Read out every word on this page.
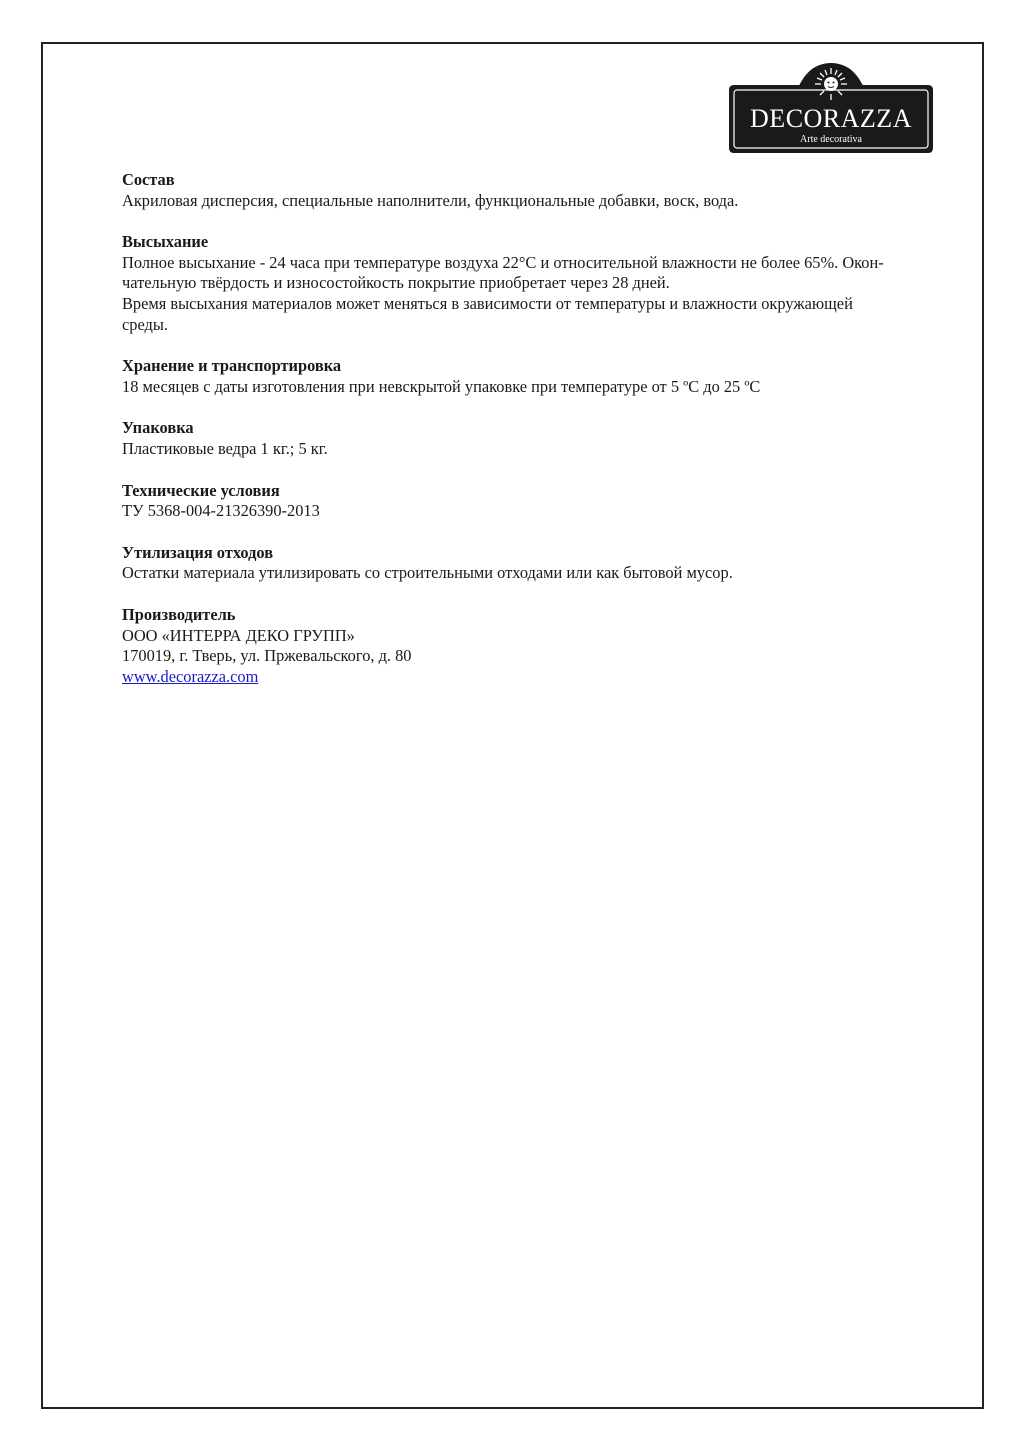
DECORAZZA
Arte decorativa
Состав
Акриловая дисперсия, специальные наполнители, функциональные добавки, воск, вода.
Высыхание
Полное высыхание - 24 часа при температуре воздуха 22°С и относительной влажности не более 65%. Окон-
чательную твёрдость и износостойкость покрытие приобретает через 28 дней.
Время высыхания материалов может меняться в зависимости от температуры и влажности окружающей
среды.
Хранение и транспортировка
18 месяцев с даты изготовления при невскрытой упаковке при температуре от 5 ºС до 25 ºС
Упаковка
Пластиковые ведра 1 кг.; 5 кг.
Технические условия
ТУ 5368-004-21326390-2013
Утилизация отходов
Остатки материала утилизировать со строительными отходами или как бытовой мусор.
Производитель
ООО «ИНТЕРРА ДЕКО ГРУПП»
170019, г. Тверь, ул. Пржевальского, д. 80
www.decorazza.com
